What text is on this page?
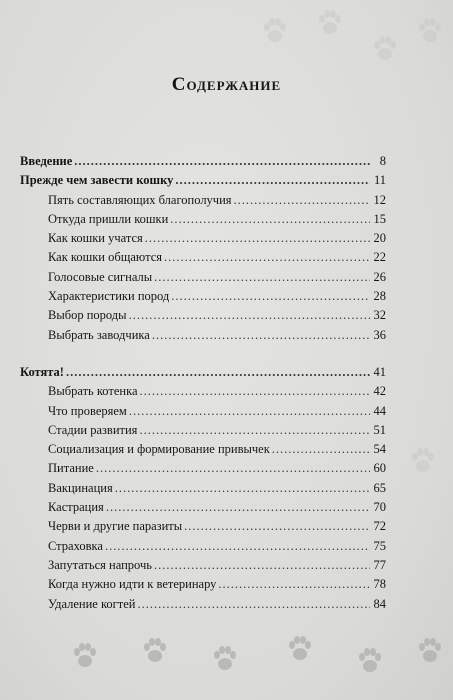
Содержание
Введение .....	8
Прежде чем завести кошку .....	11
Пять составляющих благополучия .....	12
Откуда пришли кошки .....	15
Как кошки учатся .....	20
Как кошки общаются .....	22
Голосовые сигналы .....	26
Характеристики пород .....	28
Выбор породы .....	32
Выбрать заводчика .....	36
Котята! .....	41
Выбрать котенка .....	42
Что проверяем .....	44
Стадии развития .....	51
Социализация и формирование привычек .....	54
Питание .....	60
Вакцинация .....	65
Кастрация .....	70
Черви и другие паразиты .....	72
Страховка .....	75
Запутаться напрочь .....	77
Когда нужно идти к ветеринару .....	78
Удаление когтей .....	84
